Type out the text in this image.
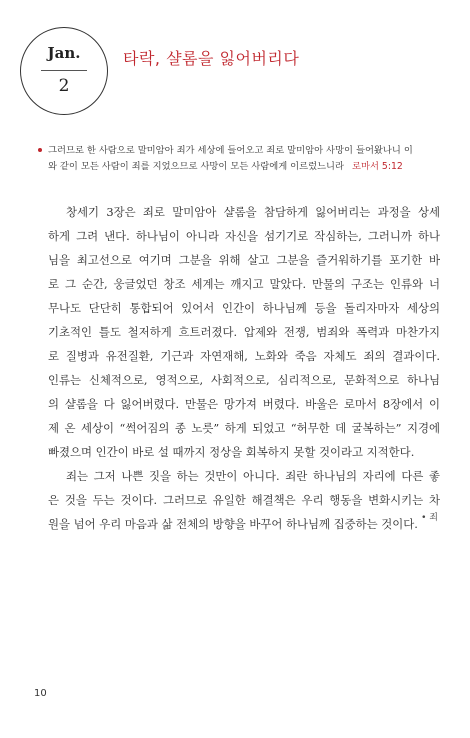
Jan.
2
타락, 샬롬을 잃어버리다
그러므로 한 사람으로 말미암아 죄가 세상에 들어오고 죄로 말미암아 사망이 들어왔나니 이
와 같이 모든 사람이 죄를 지었으므로 사망이 모든 사람에게 이르렀느니라 로마서 5:12
창세기 3장은 죄로 말미암아 샬롬을 참담하게 잃어버리는 과정을 상세
하게 그려 낸다. 하나님이 아니라 자신을 섬기기로 작심하는, 그러니까 하나
님을 최고선으로 여기며 그분을 위해 살고 그분을 즐거워하기를 포기한 바
로 그 순간, 웅글었던 창조 세계는 깨지고 말았다. 만물의 구조는 인류와 너
무나도 단단히 통합되어 있어서 인간이 하나님께 등을 돌리자마자 세상의
기초적인 틀도 철저하게 흐트러졌다. 압제와 전쟁, 범죄와 폭력과 마찬가지
로 질병과 유전질환, 기근과 자연재해, 노화와 죽음 자체도 죄의 결과이다.
인류는 신체적으로, 영적으로, 사회적으로, 심리적으로, 문화적으로 하나님
의 샬롬을 다 잃어버렸다. 만물은 망가져 버렸다. 바울은 로마서 8장에서 이
제 온 세상이 “썩어짐의 종 노릇” 하게 되었고 “허무한 데 굴복하는” 지경에
빠졌으며 인간이 바로 설 때까지 정상을 회복하지 못할 것이라고 지적한다.
죄는 그저 나쁜 짓을 하는 것만이 아니다. 죄란 하나님의 자리에 다른 좋
은 것을 두는 것이다. 그러므로 유일한 해결책은 우리 행동을 변화시키는 차
원을 넘어 우리 마음과 삶 전체의 방향을 바꾸어 하나님께 집중하는 것이다. • 죄
10
